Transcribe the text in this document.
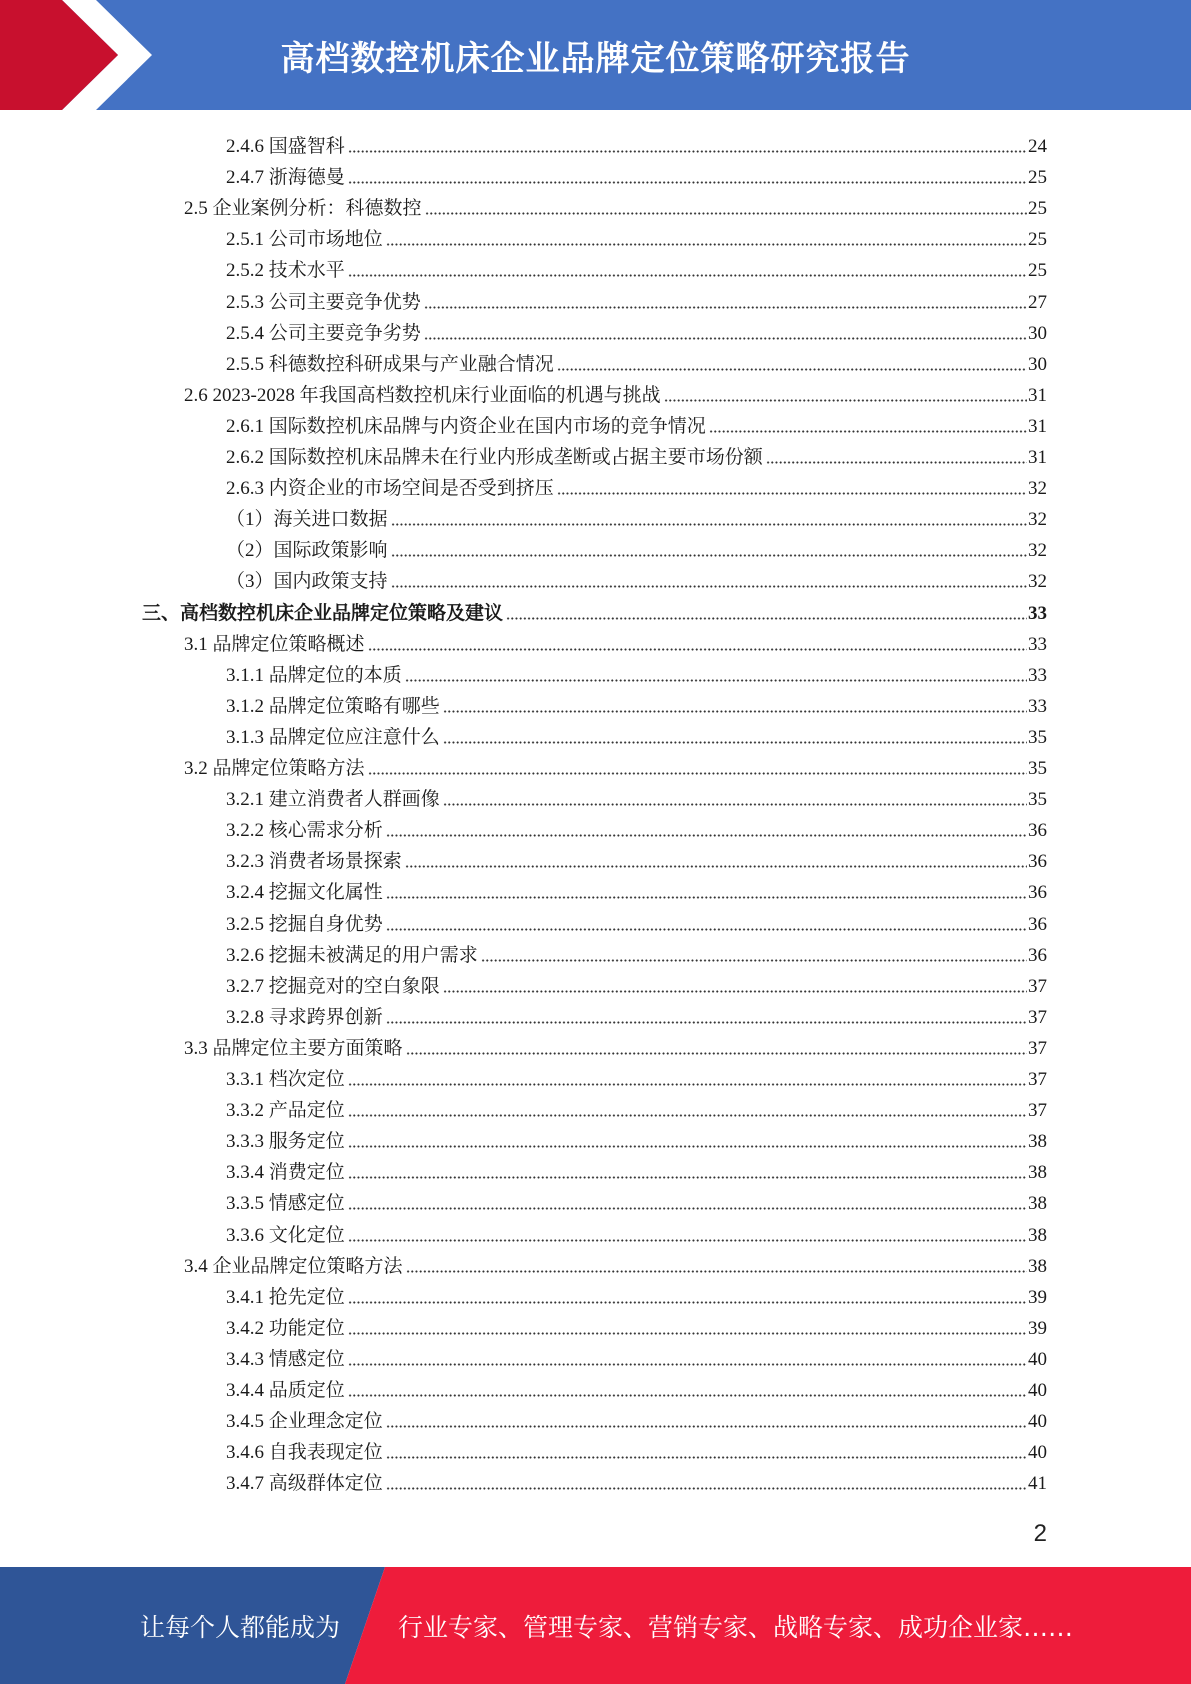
高档数控机床企业品牌定位策略研究报告
2.4.6 国盛智科	24
2.4.7 浙海德曼	25
2.5 企业案例分析：科德数控	25
2.5.1 公司市场地位	25
2.5.2 技术水平	25
2.5.3 公司主要竞争优势	27
2.5.4 公司主要竞争劣势	30
2.5.5 科德数控科研成果与产业融合情况	30
2.6 2023-2028 年我国高档数控机床行业面临的机遇与挑战	31
2.6.1 国际数控机床品牌与内资企业在国内市场的竞争情况	31
2.6.2 国际数控机床品牌未在行业内形成垄断或占据主要市场份额	31
2.6.3 内资企业的市场空间是否受到挤压	32
（1）海关进口数据	32
（2）国际政策影响	32
（3）国内政策支持	32
三、高档数控机床企业品牌定位策略及建议	33
3.1 品牌定位策略概述	33
3.1.1 品牌定位的本质	33
3.1.2 品牌定位策略有哪些	33
3.1.3 品牌定位应注意什么	35
3.2 品牌定位策略方法	35
3.2.1 建立消费者人群画像	35
3.2.2 核心需求分析	36
3.2.3 消费者场景探索	36
3.2.4 挖掘文化属性	36
3.2.5 挖掘自身优势	36
3.2.6 挖掘未被满足的用户需求	36
3.2.7 挖掘竞对的空白象限	37
3.2.8 寻求跨界创新	37
3.3 品牌定位主要方面策略	37
3.3.1 档次定位	37
3.3.2 产品定位	37
3.3.3 服务定位	38
3.3.4 消费定位	38
3.3.5 情感定位	38
3.3.6 文化定位	38
3.4 企业品牌定位策略方法	38
3.4.1 抢先定位	39
3.4.2 功能定位	39
3.4.3 情感定位	40
3.4.4 品质定位	40
3.4.5 企业理念定位	40
3.4.6 自我表现定位	40
3.4.7 高级群体定位	41
2
让每个人都能成为 行业专家、管理专家、营销专家、战略专家、成功企业家……
